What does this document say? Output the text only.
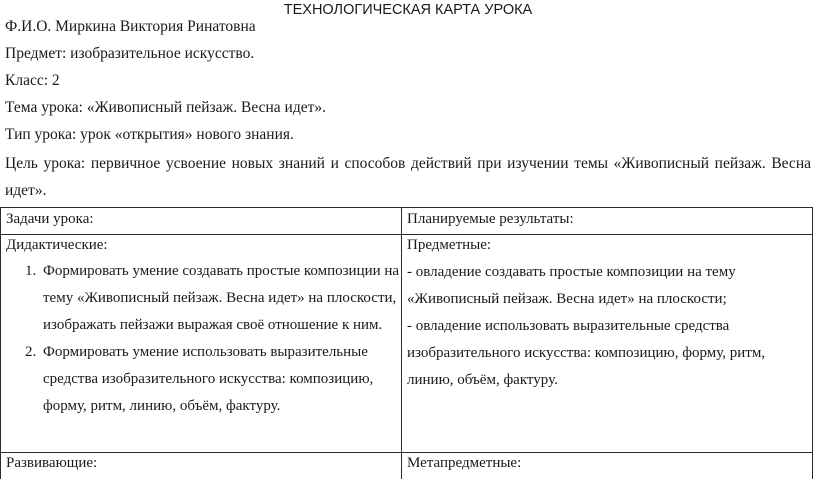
ТЕХНОЛОГИЧЕСКАЯ КАРТА УРОКА
Ф.И.О. Миркина Виктория Ринатовна
Предмет: изобразительное искусство.
Класс: 2
Тема урока: «Живописный пейзаж. Весна идет».
Тип урока: урок «открытия» нового знания.
Цель урока: первичное усвоение новых знаний и способов действий при изучении темы «Живописный пейзаж. Весна идет».
Задачи урока:	Планируемые результаты:
Дидактические:
1. Формировать умение создавать простые композиции на тему «Живописный пейзаж. Весна идет» на плоскости, изображать пейзажи выражая своё отношение к ним.
2. Формировать умение использовать выразительные средства изобразительного искусства: композицию, форму, ритм, линию, объём, фактуру.
Предметные:
- овладение создавать простые композиции на тему «Живописный пейзаж. Весна идет» на плоскости;
- овладение использовать выразительные средства изобразительного искусства: композицию, форму, ритм, линию, объём, фактуру.
Развивающие:	Метапредметные:
